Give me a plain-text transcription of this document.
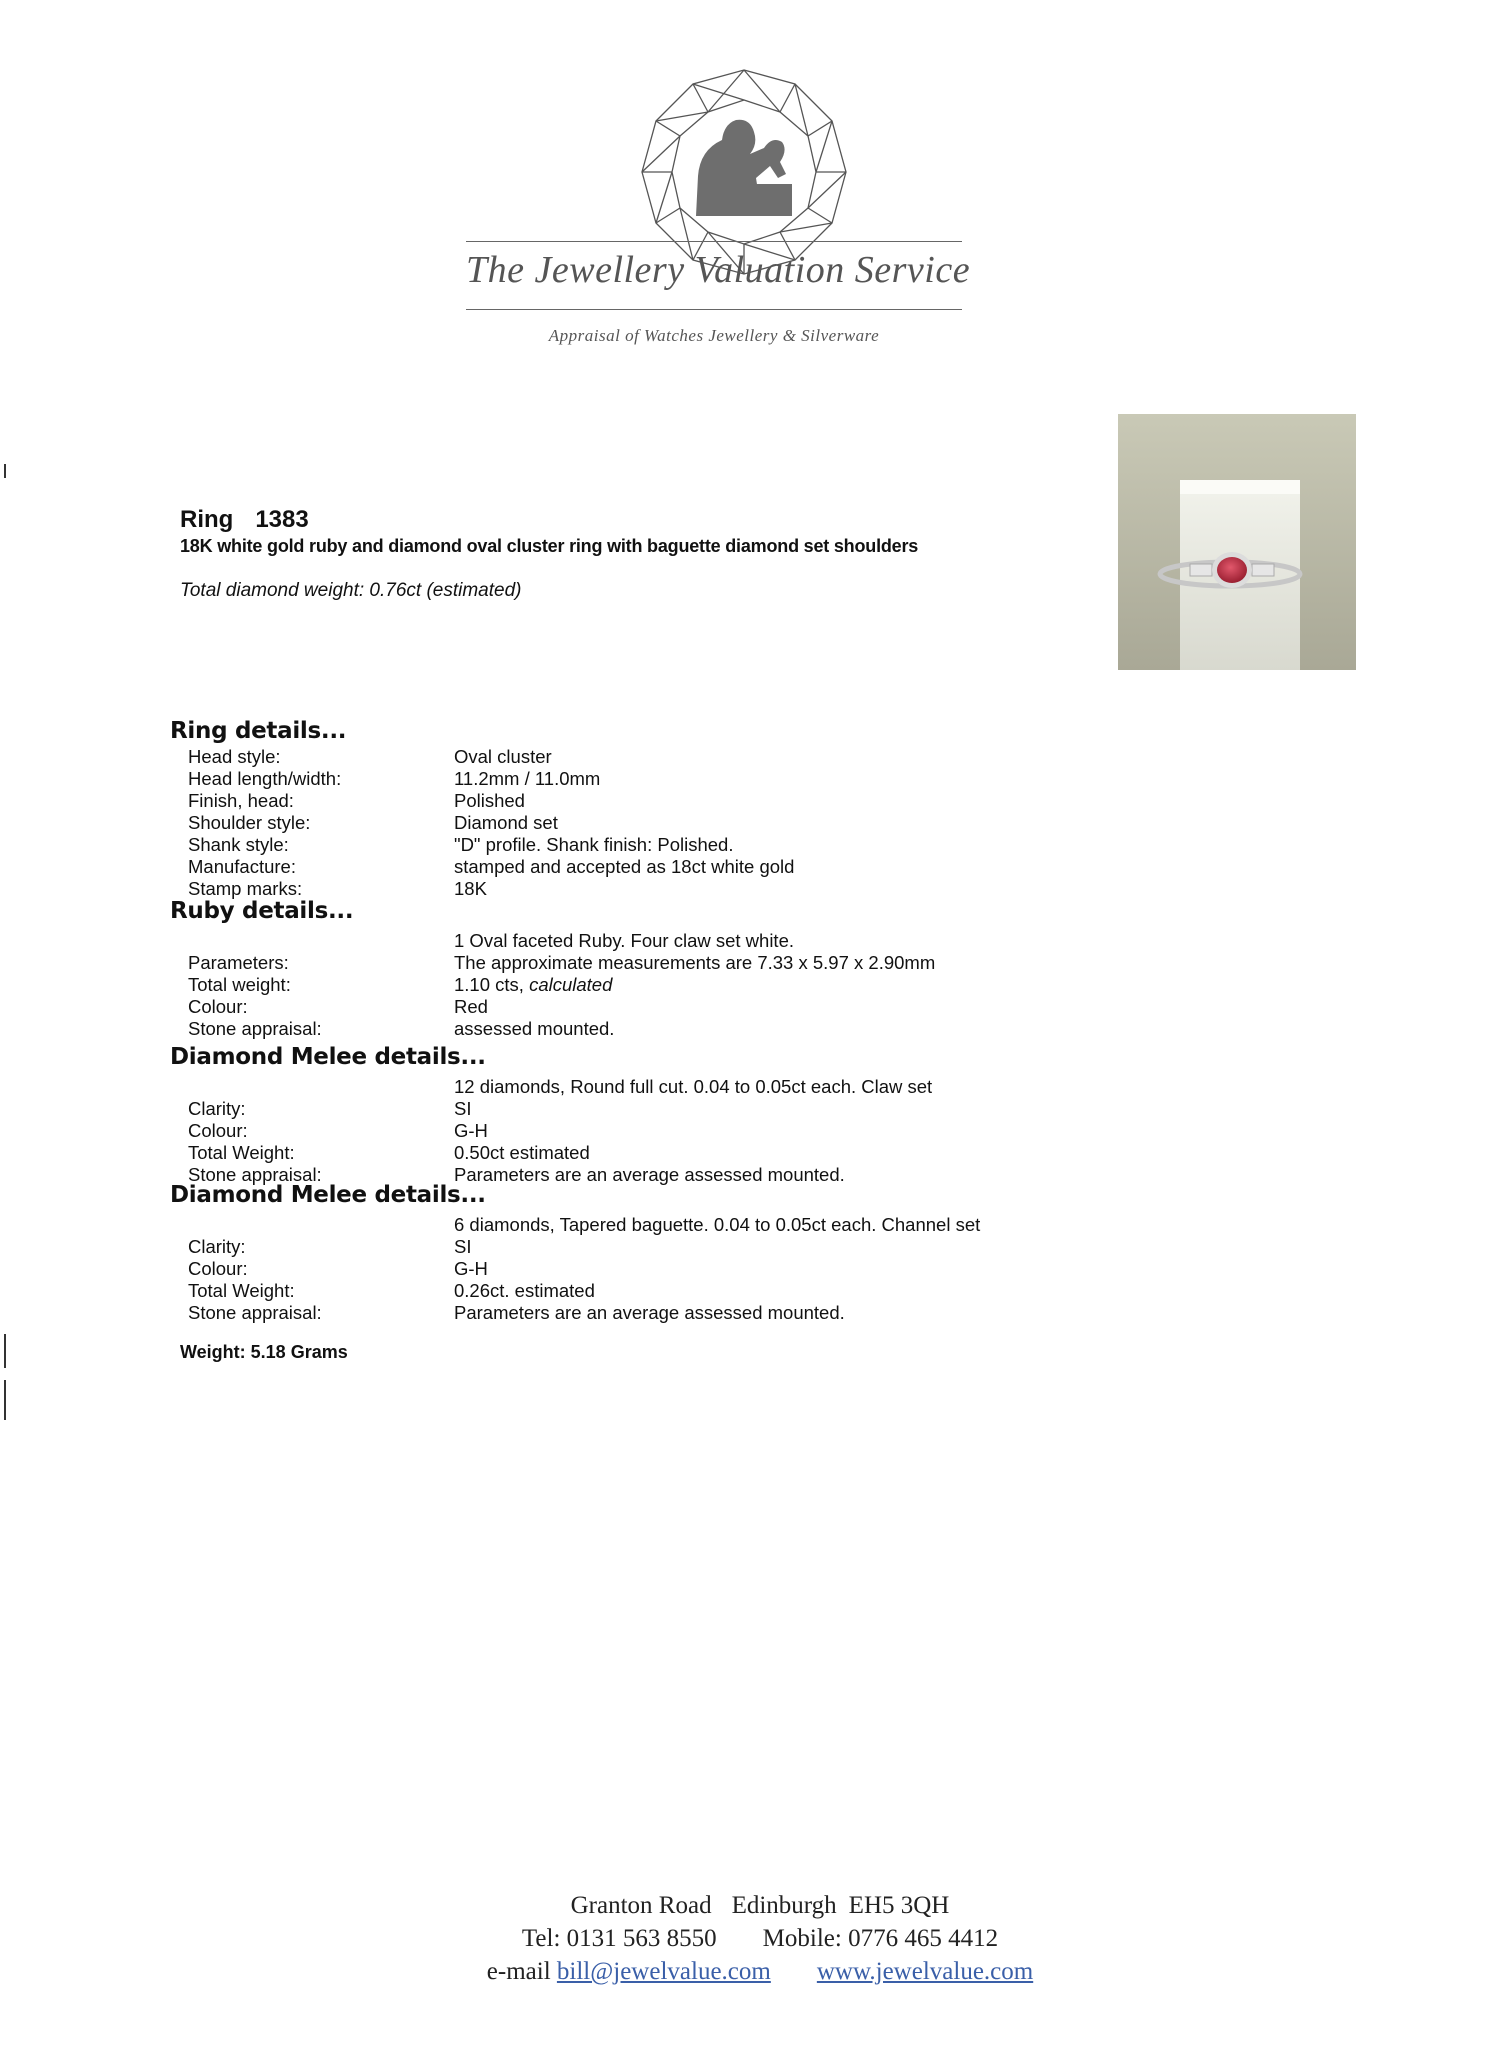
The Jewellery Valuation Service
Appraisal of Watches Jewellery & Silverware
Ring 1383
18K white gold ruby and diamond oval cluster ring with baguette diamond set shoulders
Total diamond weight: 0.76ct (estimated)
Ring details...
Head style:	Oval cluster
Head length/width:	11.2mm / 11.0mm
Finish, head:	Polished
Shoulder style:	Diamond set
Shank style:	"D" profile. Shank finish: Polished.
Manufacture:	stamped and accepted as 18ct white gold
Stamp marks:	18K
Ruby details...
1 Oval faceted Ruby. Four claw set white.
Parameters:	The approximate measurements are 7.33 x 5.97 x 2.90mm
Total weight:	1.10 cts, calculated
Colour:	Red
Stone appraisal:	assessed mounted.
Diamond Melee details...
12 diamonds, Round full cut. 0.04 to 0.05ct each. Claw set
Clarity:	SI
Colour:	G-H
Total Weight:	0.50ct estimated
Stone appraisal:	Parameters are an average assessed mounted.
Diamond Melee details...
6 diamonds, Tapered baguette. 0.04 to 0.05ct each. Channel set
Clarity:	SI
Colour:	G-H
Total Weight:	0.26ct. estimated
Stone appraisal:	Parameters are an average assessed mounted.
Weight: 5.18 Grams
Granton Road Edinburgh EH5 3QH
Tel: 0131 563 8550 Mobile: 0776 465 4412
e-mail bill@jewelvalue.com www.jewelvalue.com
